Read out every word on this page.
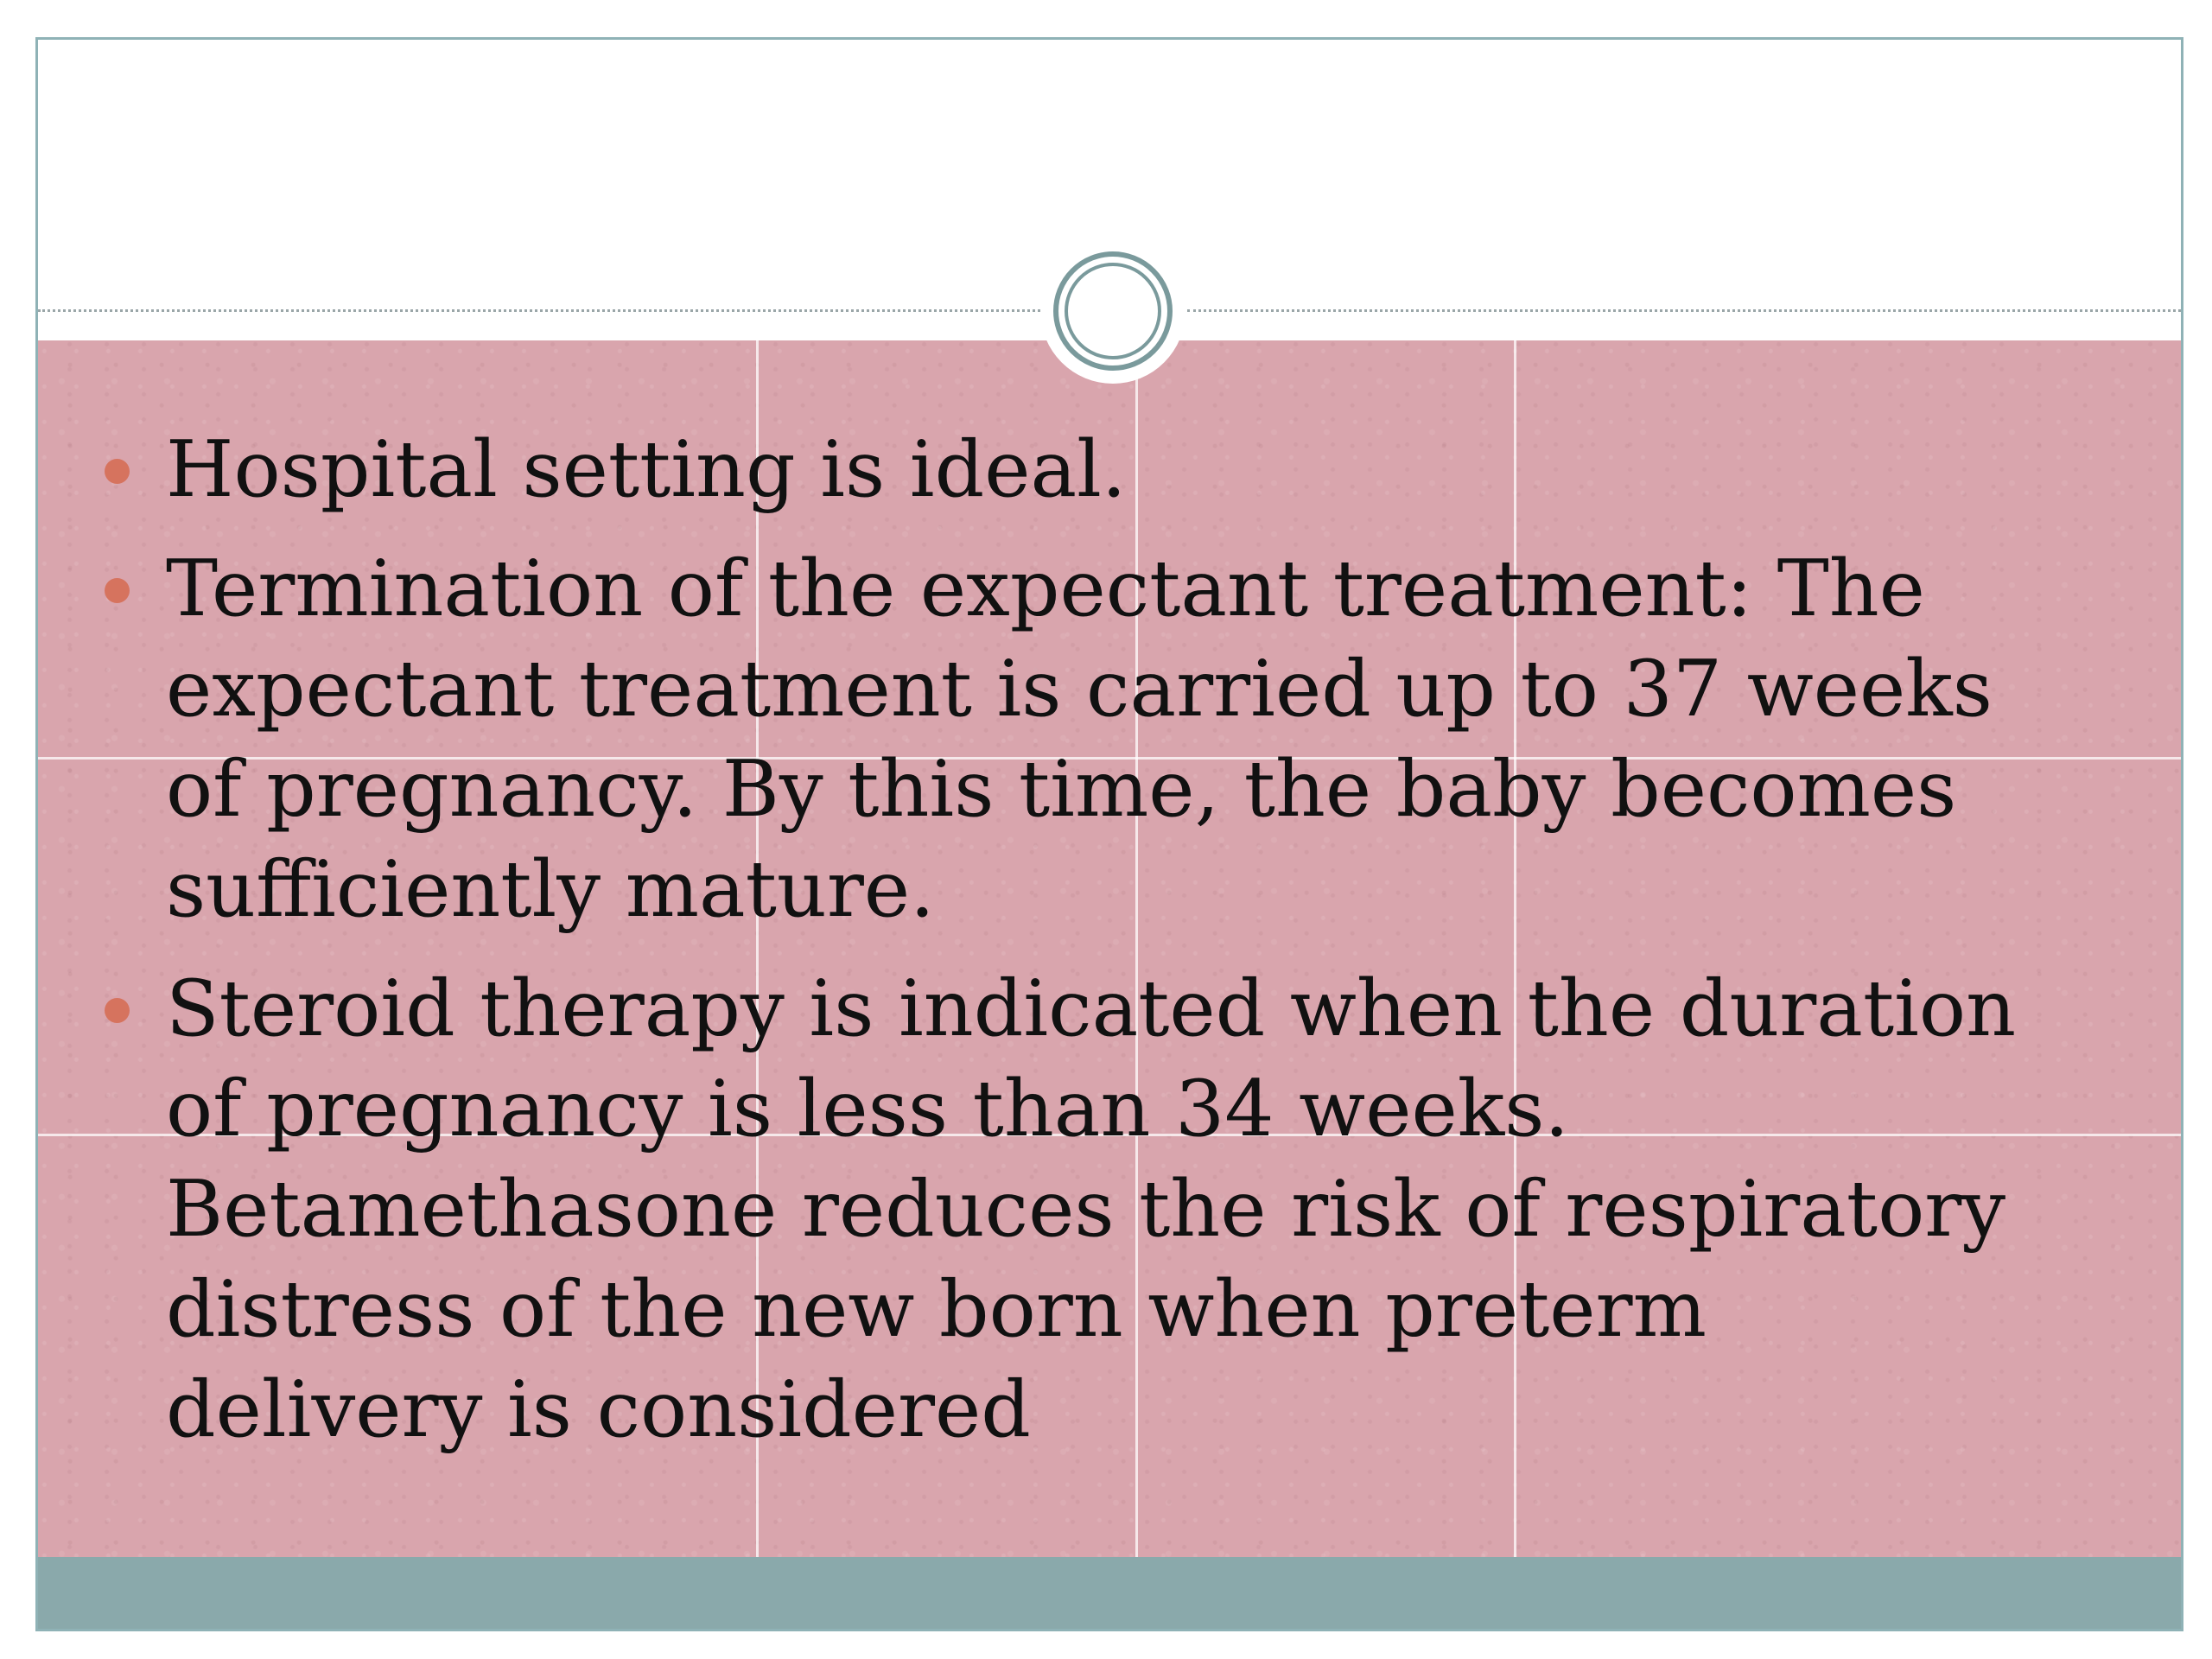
Hospital setting is ideal.
Termination of the expectant treatment: The expectant treatment is carried up to 37 weeks of pregnancy. By this time, the baby becomes sufficiently mature.
Steroid therapy is indicated when the duration of pregnancy is less than 34 weeks. Betamethasone reduces the risk of respiratory distress of the new born when preterm delivery is considered
